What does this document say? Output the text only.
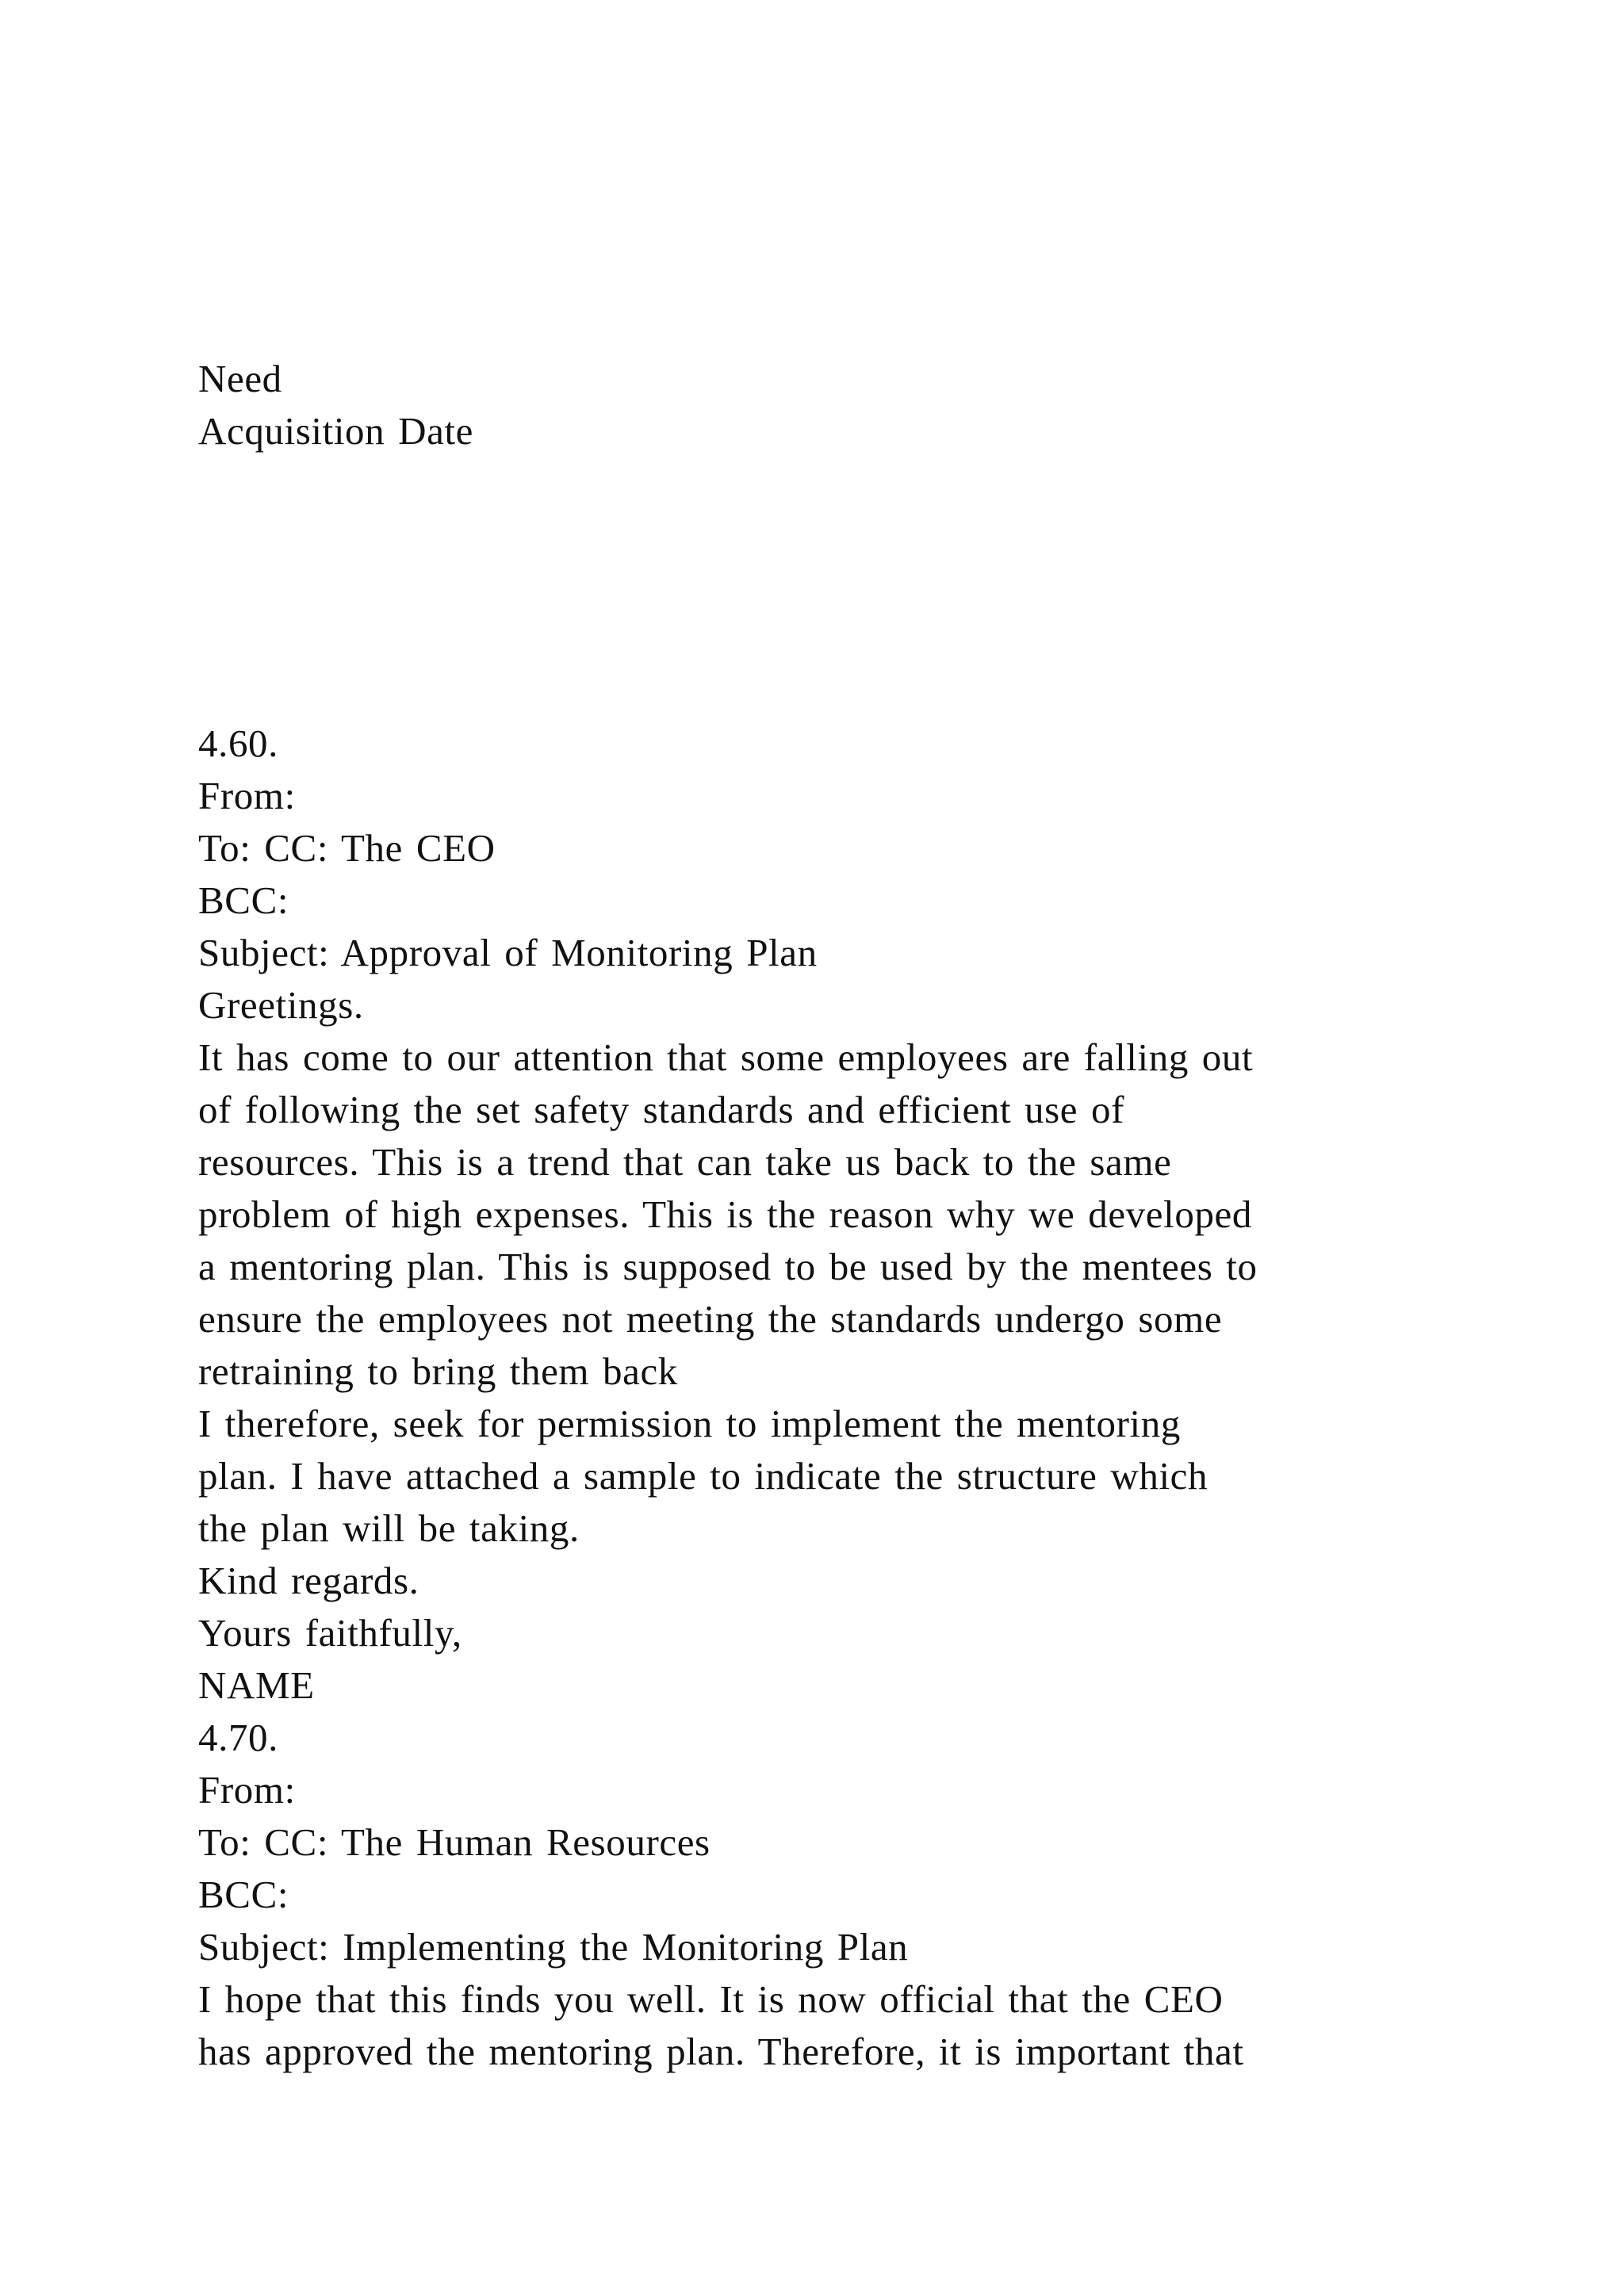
Need

Acquisition Date

4.60.

From:

To: CC: The CEO

BCC:

Subject: Approval of Monitoring Plan

Greetings.

It has come to our attention that some employees are falling out

of following the set safety standards and efficient use of

resources. This is a trend that can take us back to the same

problem of high expenses. This is the reason why we developed

a mentoring plan. This is supposed to be used by the mentees to

ensure the employees not meeting the standards undergo some

retraining to bring them back

I therefore, seek for permission to implement the mentoring

plan. I have attached a sample to indicate the structure which

the plan will be taking.

Kind regards.

Yours faithfully,

NAME

4.70.

From:

To: CC: The Human Resources

BCC:

Subject: Implementing the Monitoring Plan

I hope that this finds you well. It is now official that the CEO

has approved the mentoring plan. Therefore, it is important that
